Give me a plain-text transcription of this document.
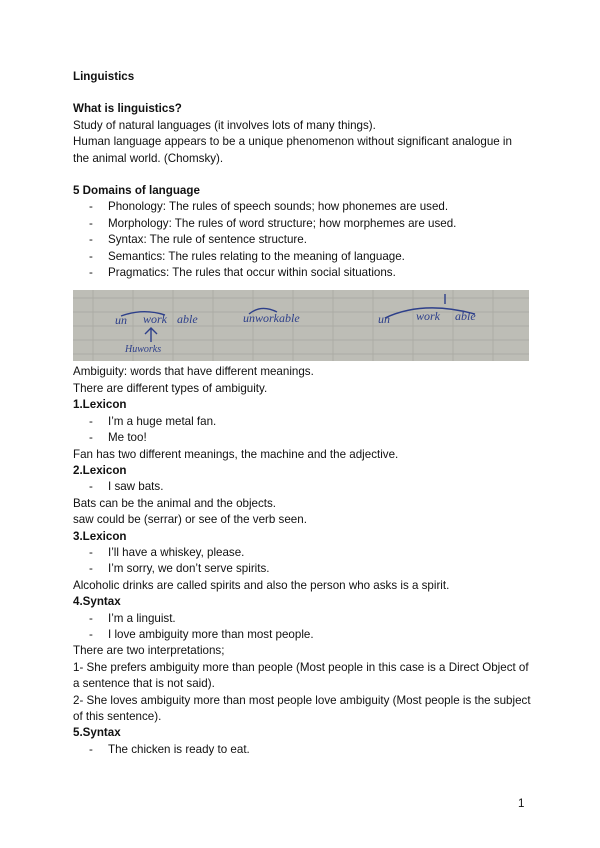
Linguistics
What is linguistics?
Study of natural languages (it involves lots of many things).
Human language appears to be a unique phenomenon without significant analogue in the animal world. (Chomsky).
5 Domains of language
- Phonology: The rules of speech sounds; how phonemes are used.
- Morphology: The rules of word structure; how morphemes are used.
- Syntax: The rule of sentence structure.
- Semantics: The rules relating to the meaning of language.
- Pragmatics: The rules that occur within social situations.
un work able	unworkable	un work able
Huworks
Ambiguity: words that have different meanings.
There are different types of ambiguity.
1.Lexicon
- I’m a huge metal fan.
- Me too!
Fan has two different meanings, the machine and the adjective.
2.Lexicon
- I saw bats.
Bats can be the animal and the objects.
saw could be (serrar) or see of the verb seen.
3.Lexicon
- I’ll have a whiskey, please.
- I’m sorry, we don’t serve spirits.
Alcoholic drinks are called spirits and also the person who asks is a spirit.
4.Syntax
- I’m a linguist.
- I love ambiguity more than most people.
There are two interpretations;
1- She prefers ambiguity more than people (Most people in this case is a Direct Object of a sentence that is not said).
2- She loves ambiguity more than most people love ambiguity (Most people is the subject of this sentence).
5.Syntax
- The chicken is ready to eat.
1
